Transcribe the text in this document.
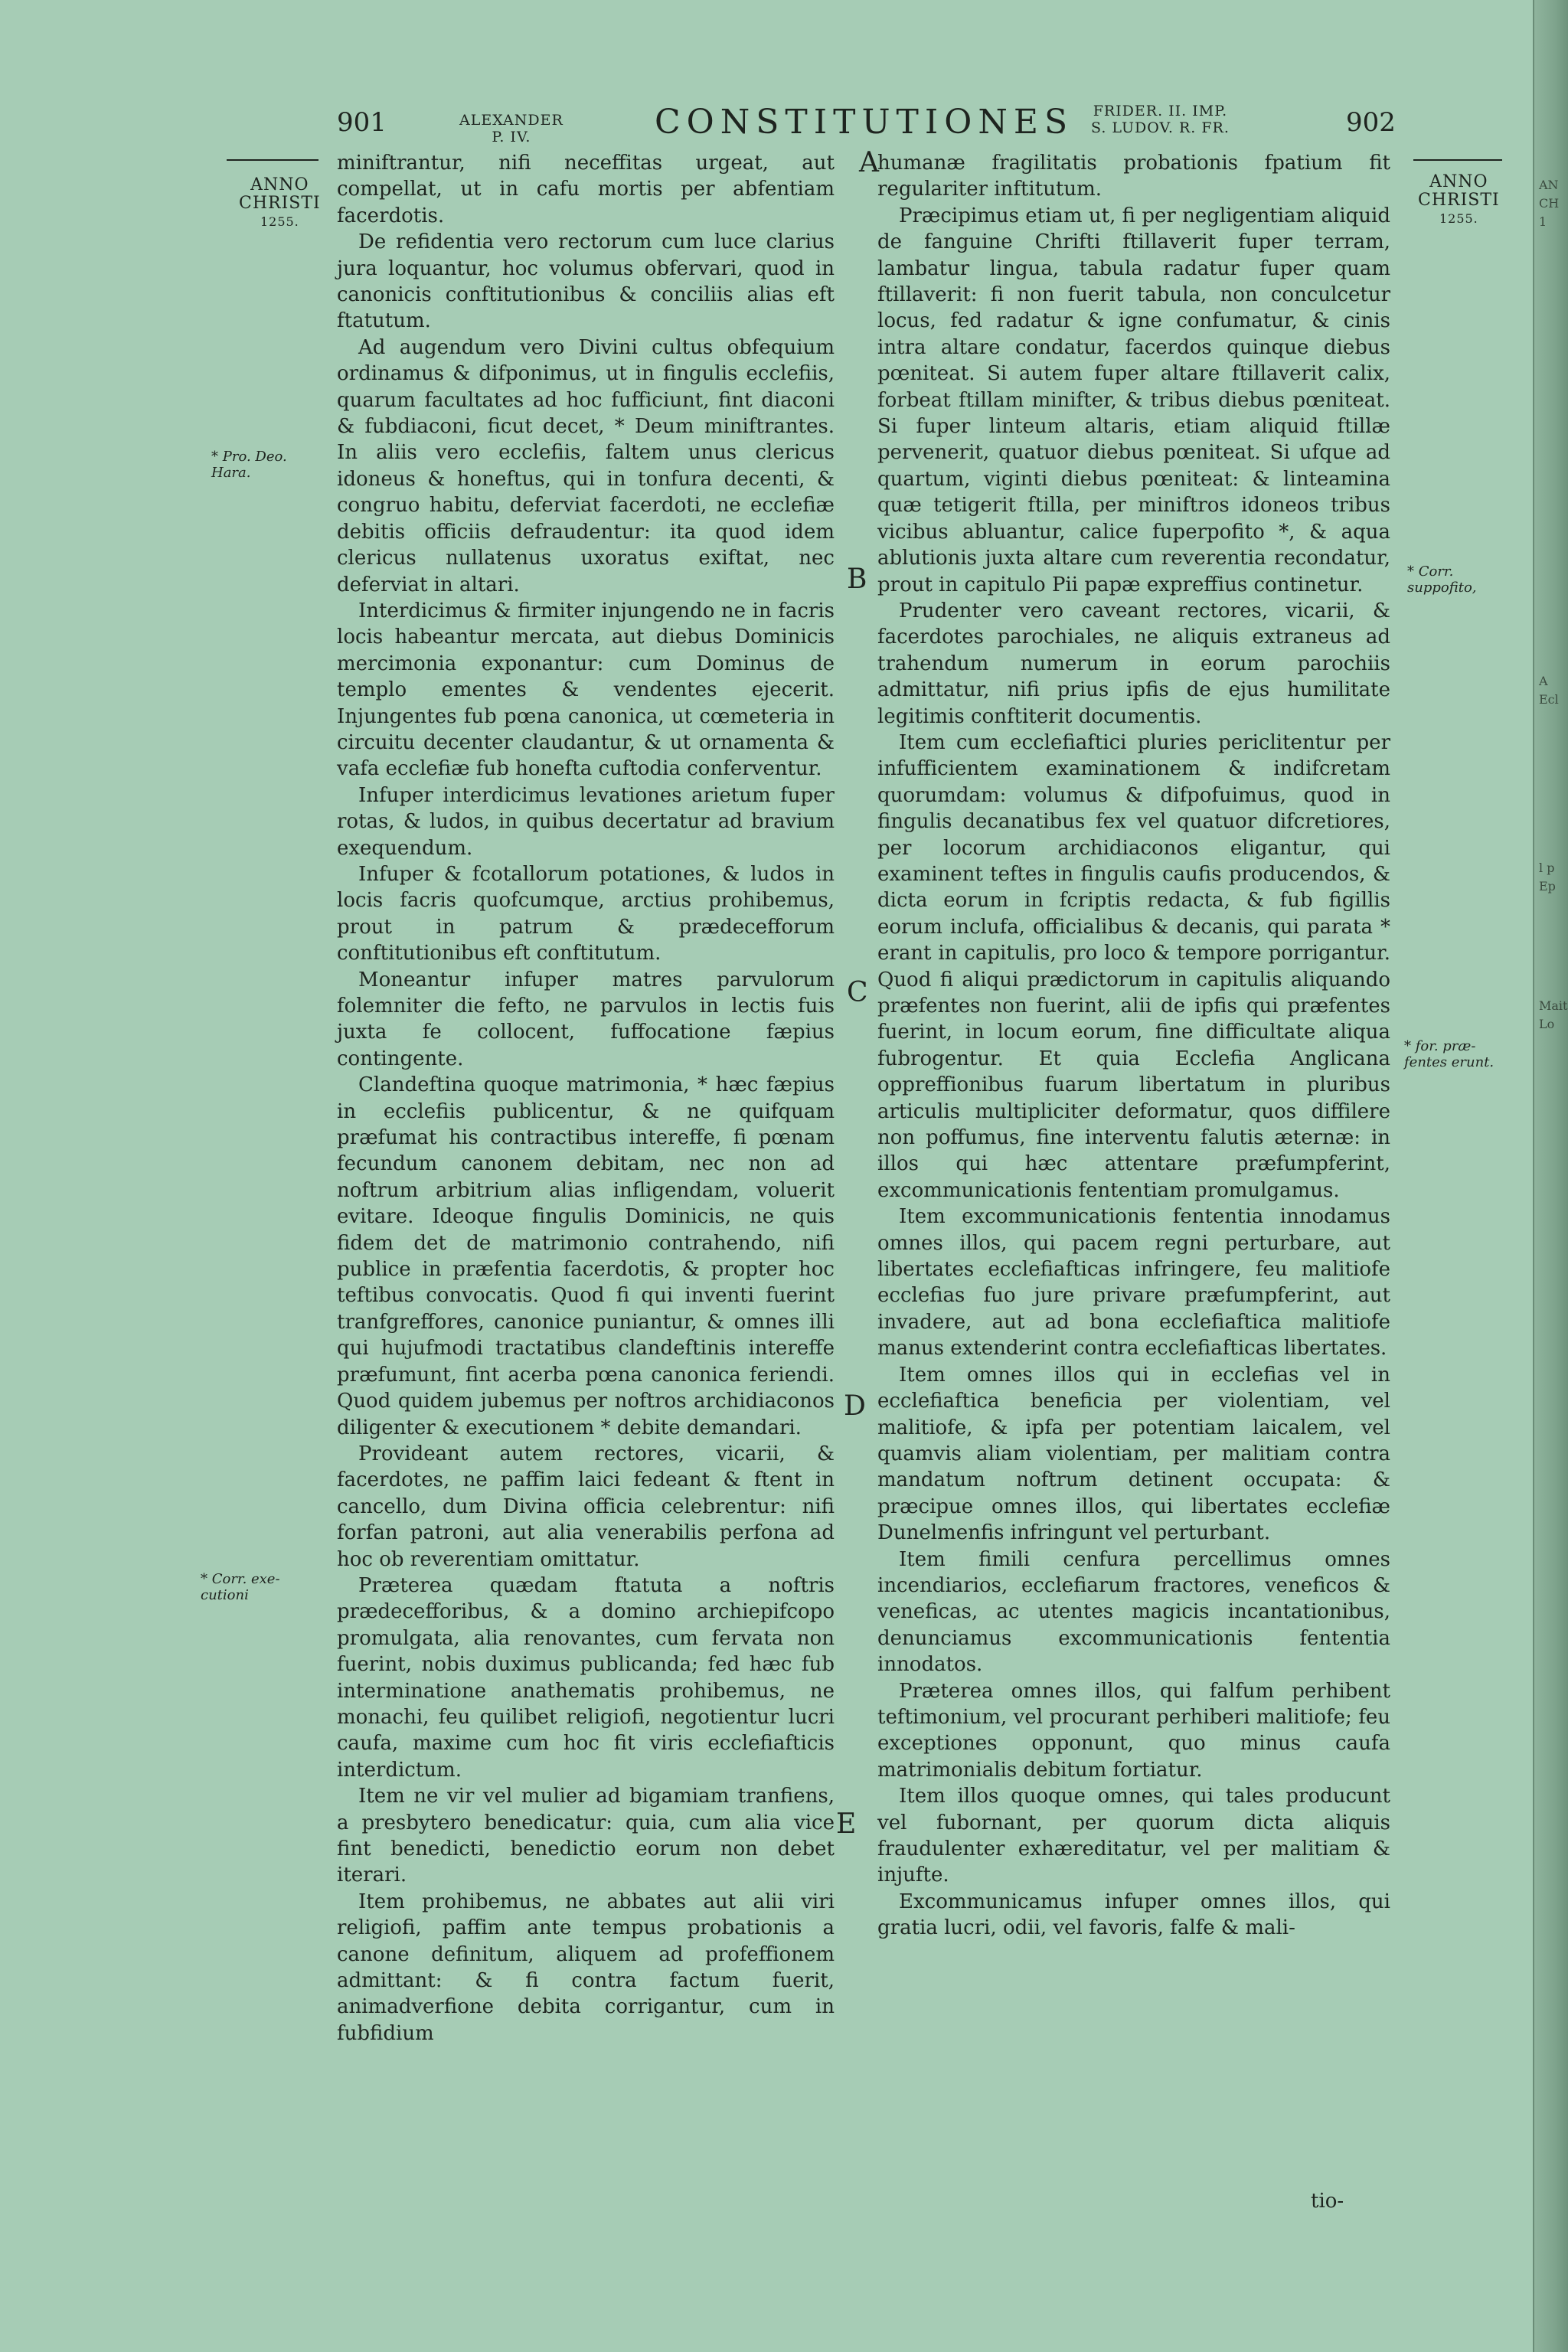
901	ALEXANDER
P. IV.	CONSTITUTIONES FRIDER. II. IMP.
S. LUDOV. R. FR.	902
ANNO
CHRISTI
1255.
* Pro. Deo. Hara.
* Corr. exe- cutioni
ANNO
CHRISTI
1255.
* Corr. suppofito,
* for. præ- fentes erunt.
A
B
C
D
E

miniftrantur, nifi neceffitas urgeat, aut compellat, ut in cafu mortis per abfentiam facerdotis.

De refidentia vero rectorum cum luce clarius jura loquantur, hoc volumus obfervari, quod in canonicis conftitutionibus & conciliis alias eft ftatutum.

Ad augendum vero Divini cultus obfequium ordinamus & difponimus, ut in fingulis ecclefiis, quarum facultates ad hoc fufficiunt, fint diaconi & fubdiaconi, ficut decet, * Deum miniftrantes. In aliis vero ecclefiis, faltem unus clericus idoneus & honeftus, qui in tonfura decenti, & congruo habitu, deferviat facerdoti, ne ecclefiæ debitis officiis defraudentur: ita quod idem clericus nullatenus uxoratus exiftat, nec deferviat in altari.

Interdicimus & firmiter injungendo ne in facris locis habeantur mercata, aut diebus Dominicis mercimonia exponantur: cum Dominus de templo ementes & vendentes ejecerit. Injungentes fub pœna canonica, ut cœmeteria in circuitu decenter claudantur, & ut ornamenta & vafa ecclefiæ fub honefta cuftodia conferventur.

Infuper interdicimus levationes arietum fuper rotas, & ludos, in quibus decertatur ad bravium exequendum.

Infuper & fcotallorum potationes, & ludos in locis facris quofcumque, arctius prohibemus, prout in patrum & prædecefforum conftitutionibus eft conftitutum.

Moneantur infuper matres parvulorum folemniter die fefto, ne parvulos in lectis fuis juxta fe collocent, fuffocatione fæpius contingente.

Clandeftina quoque matrimonia, * hæc fæpius in ecclefiis publicentur, & ne quifquam præfumat his contractibus intereffe, fi pœnam fecundum canonem debitam, nec non ad noftrum arbitrium alias infligendam, voluerit evitare. Ideoque fingulis Dominicis, ne quis fidem det de matrimonio contrahendo, nifi publice in præfentia facerdotis, & propter hoc teftibus convocatis. Quod fi qui inventi fuerint tranfgreffores, canonice puniantur, & omnes illi qui hujufmodi tractatibus clandeftinis intereffe præfumunt, fint acerba pœna canonica feriendi. Quod quidem jubemus per noftros archidiaconos diligenter & executionem * debite demandari.

Provideant autem rectores, vicarii, & facerdotes, ne paffim laici fedeant & ftent in cancello, dum Divina officia celebrentur: nifi forfan patroni, aut alia venerabilis perfona ad hoc ob reverentiam omittatur.

Præterea quædam ftatuta a noftris prædecefforibus, & a domino archiepifcopo promulgata, alia renovantes, cum fervata non fuerint, nobis duximus publicanda; fed hæc fub interminatione anathematis prohibemus, ne monachi, feu quilibet religiofi, negotientur lucri caufa, maxime cum hoc fit viris ecclefiafticis interdictum.

Item ne vir vel mulier ad bigamiam tranfiens, a presbytero benedicatur: quia, cum alia vice fint benedicti, benedictio eorum non debet iterari.

Item prohibemus, ne abbates aut alii viri religiofi, paffim ante tempus probationis a canone definitum, aliquem ad profeffionem admittant: & fi contra factum fuerit, animadverfione debita corrigantur, cum in fubfidium

humanæ fragilitatis probationis fpatium fit regulariter inftitutum.

Præcipimus etiam ut, fi per negligentiam aliquid de fanguine Chrifti ftillaverit fuper terram, lambatur lingua, tabula radatur fuper quam ftillaverit: fi non fuerit tabula, non conculcetur locus, fed radatur & igne confumatur, & cinis intra altare condatur, facerdos quinque diebus pœniteat. Si autem fuper altare ftillaverit calix, forbeat ftillam minifter, & tribus diebus pœniteat. Si fuper linteum altaris, etiam aliquid ftillæ pervenerit, quatuor diebus pœniteat. Si ufque ad quartum, viginti diebus pœniteat: & linteamina quæ tetigerit ftilla, per miniftros idoneos tribus vicibus abluantur, calice fuperpofito *, & aqua ablutionis juxta altare cum reverentia recondatur, prout in capitulo Pii papæ expreffius continetur.

Prudenter vero caveant rectores, vicarii, & facerdotes parochiales, ne aliquis extraneus ad trahendum numerum in eorum parochiis admittatur, nifi prius ipfis de ejus humilitate legitimis conftiterit documentis.

Item cum ecclefiaftici pluries periclitentur per infufficientem examinationem & indifcretam quorumdam: volumus & difpofuimus, quod in fingulis decanatibus fex vel quatuor difcretiores, per locorum archidiaconos eligantur, qui examinent teftes in fingulis caufis producendos, & dicta eorum in fcriptis redacta, & fub figillis eorum inclufa, officialibus & decanis, qui parata * erant in capitulis, pro loco & tempore porrigantur. Quod fi aliqui prædictorum in capitulis aliquando præfentes non fuerint, alii de ipfis qui præfentes fuerint, in locum eorum, fine difficultate aliqua fubrogentur. Et quia Ecclefia Anglicana oppreffionibus fuarum libertatum in pluribus articulis multipliciter deformatur, quos diffilere non poffumus, fine interventu falutis æternæ: in illos qui hæc attentare præfumpferint, excommunicationis fententiam promulgamus.

Item excommunicationis fententia innodamus omnes illos, qui pacem regni perturbare, aut libertates ecclefiafticas infringere, feu malitiofe ecclefias fuo jure privare præfumpferint, aut invadere, aut ad bona ecclefiaftica malitiofe manus extenderint contra ecclefiafticas libertates.

Item omnes illos qui in ecclefias vel in ecclefiaftica beneficia per violentiam, vel malitiofe, & ipfa per potentiam laicalem, vel quamvis aliam violentiam, per malitiam contra mandatum noftrum detinent occupata: & præcipue omnes illos, qui libertates ecclefiæ Dunelmenfis infringunt vel perturbant.

Item fimili cenfura percellimus omnes incendiarios, ecclefiarum fractores, veneficos & veneficas, ac utentes magicis incantationibus, denunciamus excommunicationis fententia innodatos.

Præterea omnes illos, qui falfum perhibent teftimonium, vel procurant perhiberi malitiofe; feu exceptiones opponunt, quo minus caufa matrimonialis debitum fortiatur.

Item illos quoque omnes, qui tales producunt vel fubornant, per quorum dicta aliquis fraudulenter exhæreditatur, vel per malitiam & injufte.

Excommunicamus infuper omnes illos, qui gratia lucri, odii, vel favoris, falfe & mali-

tio-
AN
CH
1
A
Ecl
l p
Ep
Mait
Lo
